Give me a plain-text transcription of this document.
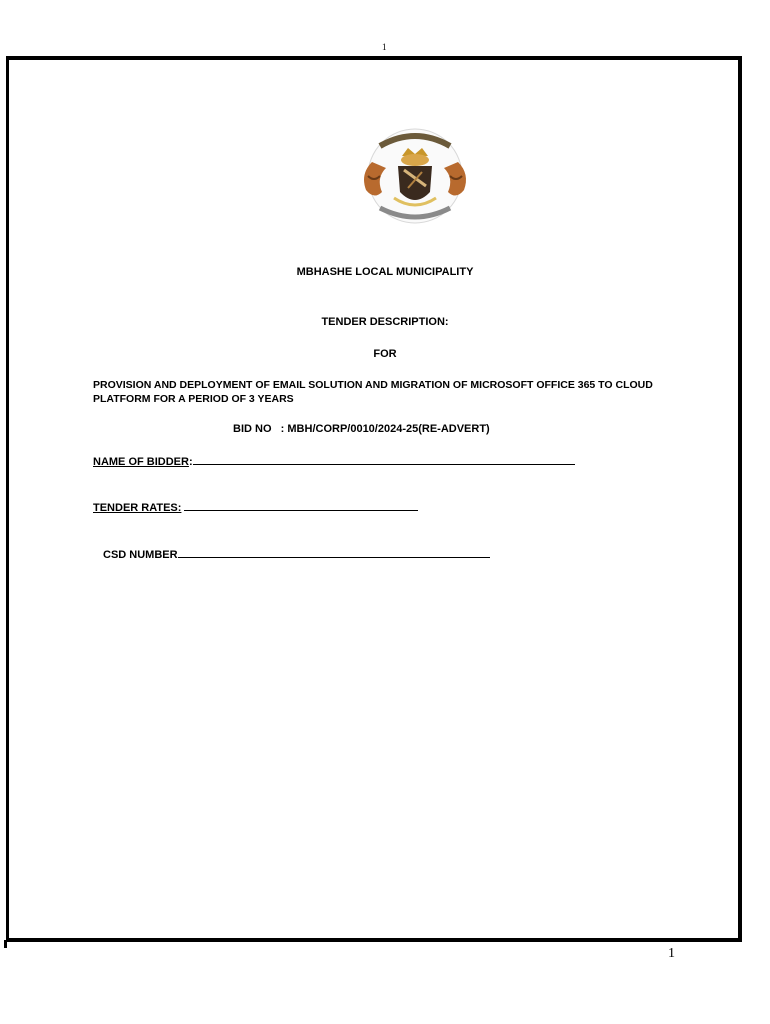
1
MBHASHE LOCAL MUNICIPALITY
TENDER DESCRIPTION:
FOR
PROVISION AND DEPLOYMENT OF EMAIL SOLUTION AND MIGRATION OF MICROSOFT OFFICE 365 TO CLOUD PLATFORM FOR A PERIOD OF 3 YEARS
BID NO   : MBH/CORP/0010/2024-25(RE-ADVERT)
NAME OF BIDDER:
TENDER RATES:
CSD NUMBER
1
